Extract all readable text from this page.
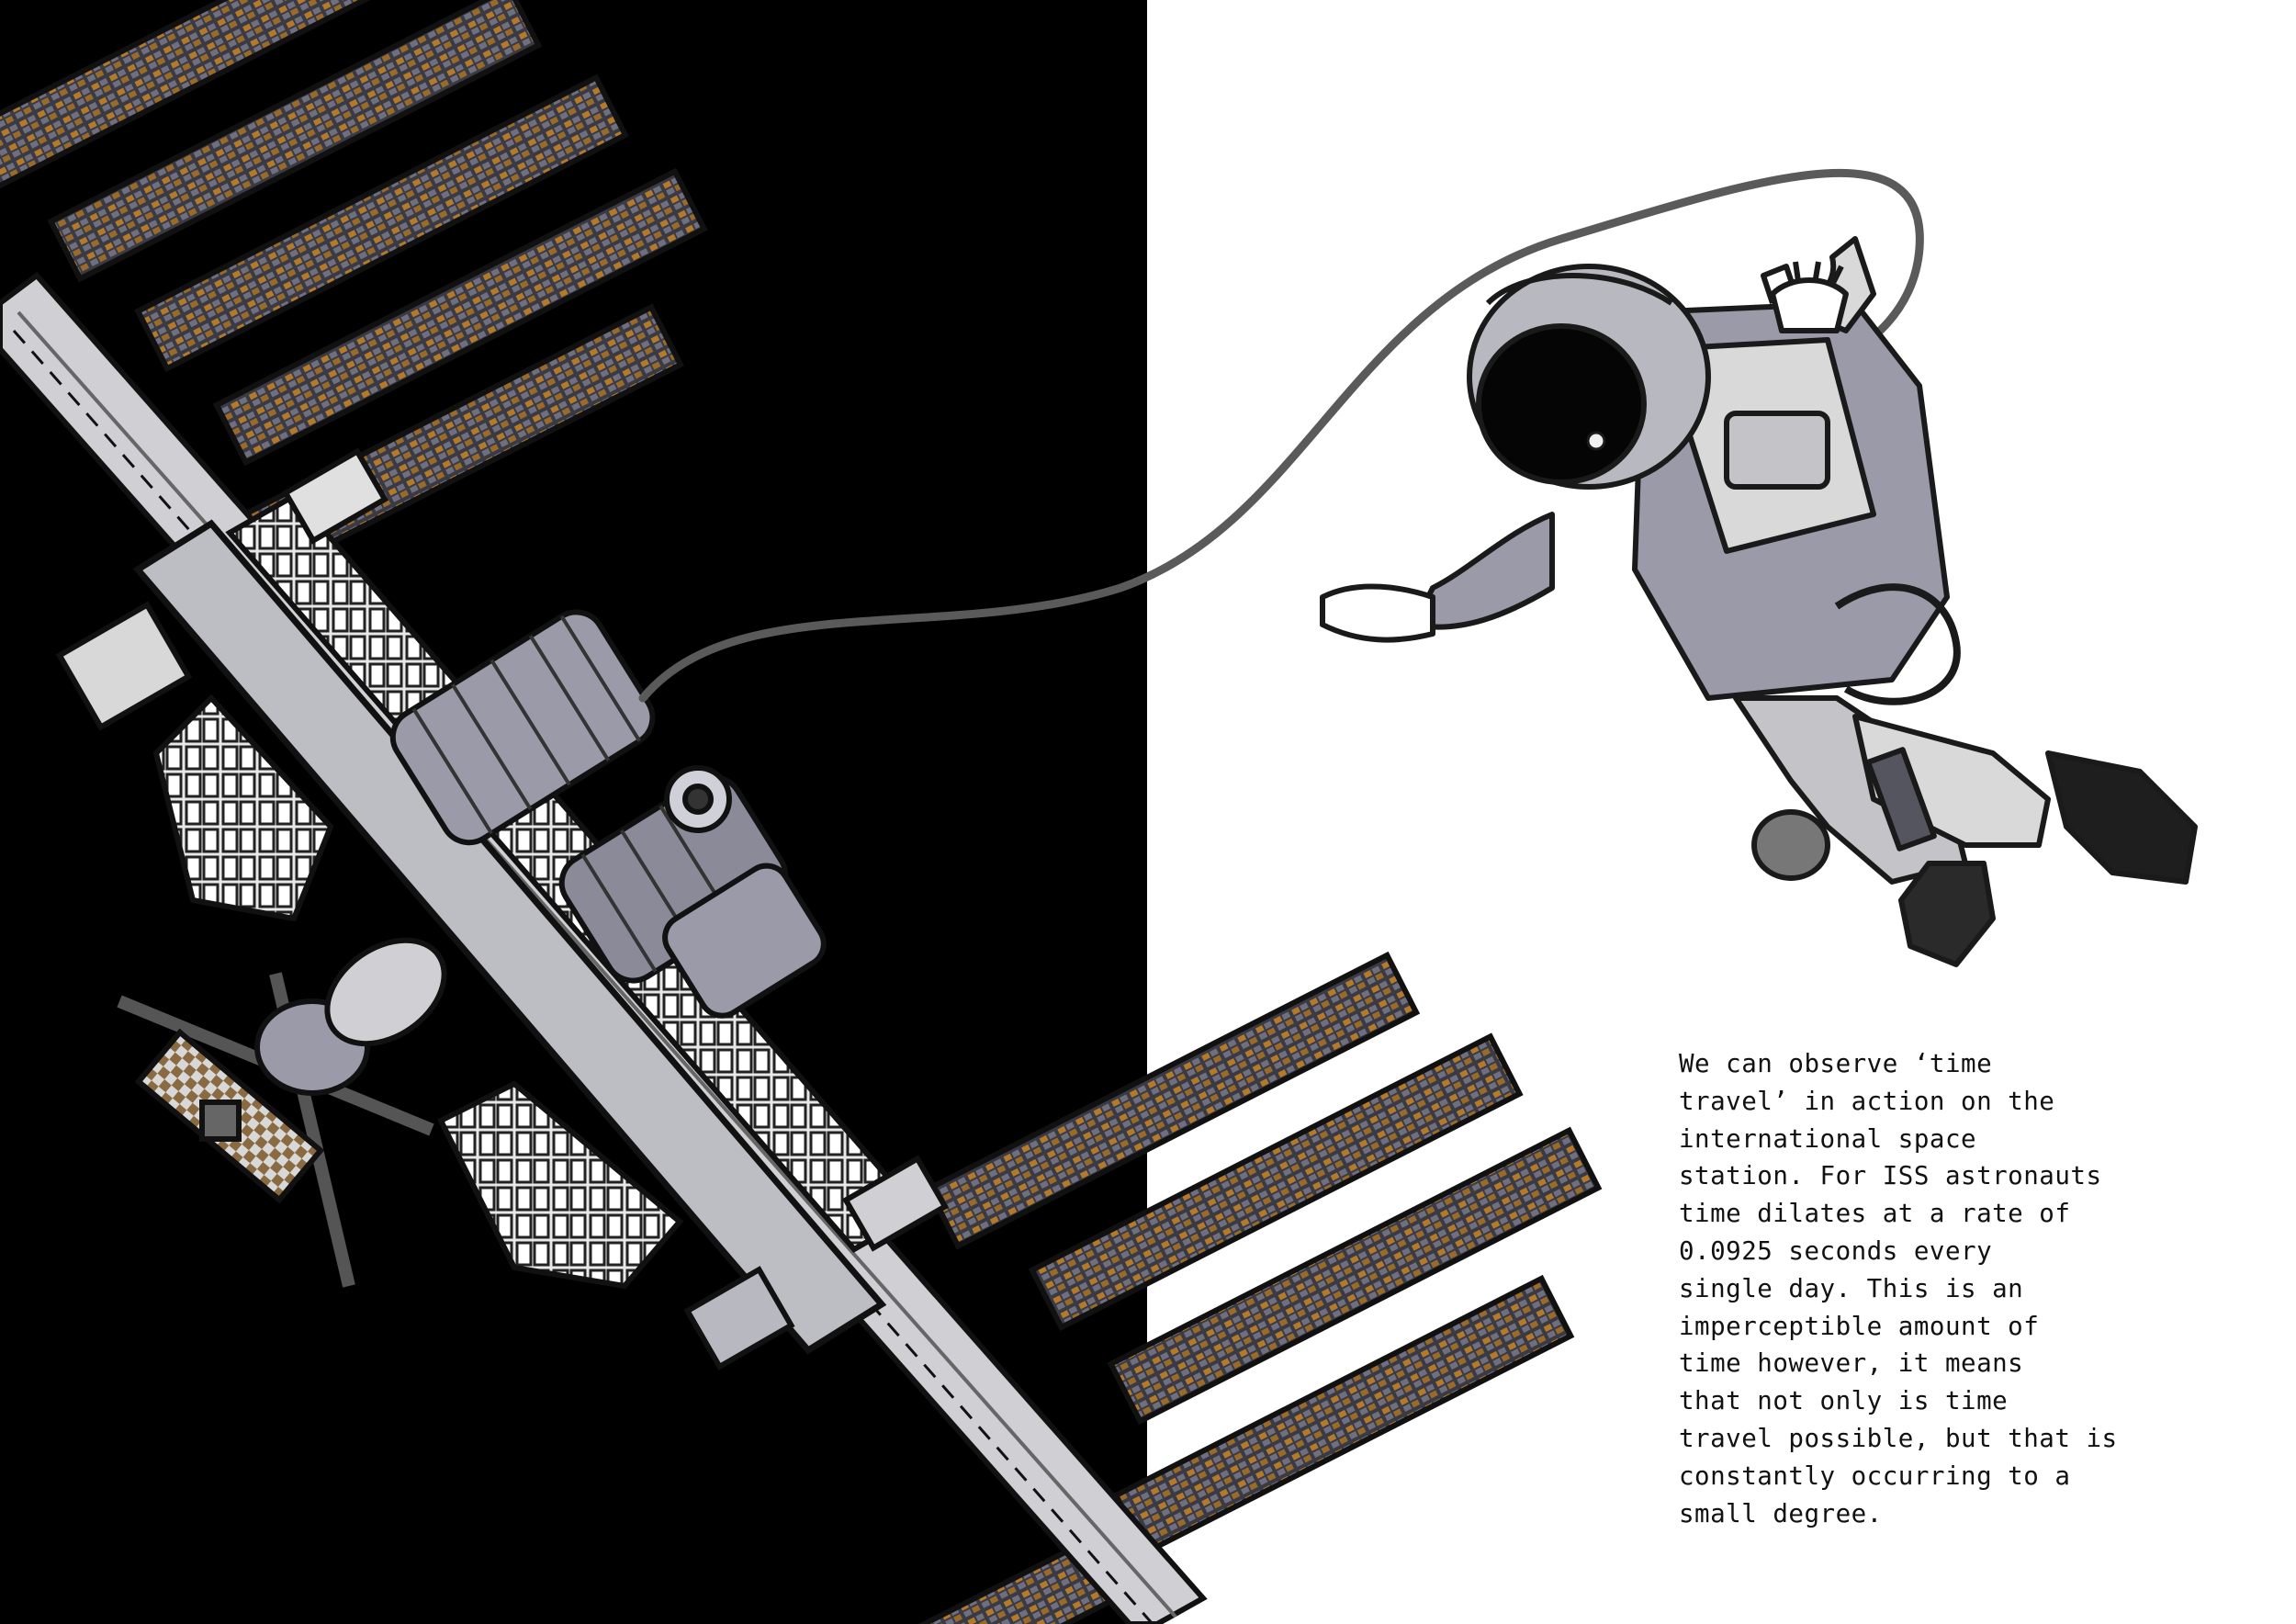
We can observe ‘time
travel’ in action on the
international space
station. For ISS astronauts
time dilates at a rate of
0.0925 seconds every
single day. This is an
imperceptible amount of
time however, it means
that not only is time
travel possible, but that is
constantly occurring to a
small degree.
